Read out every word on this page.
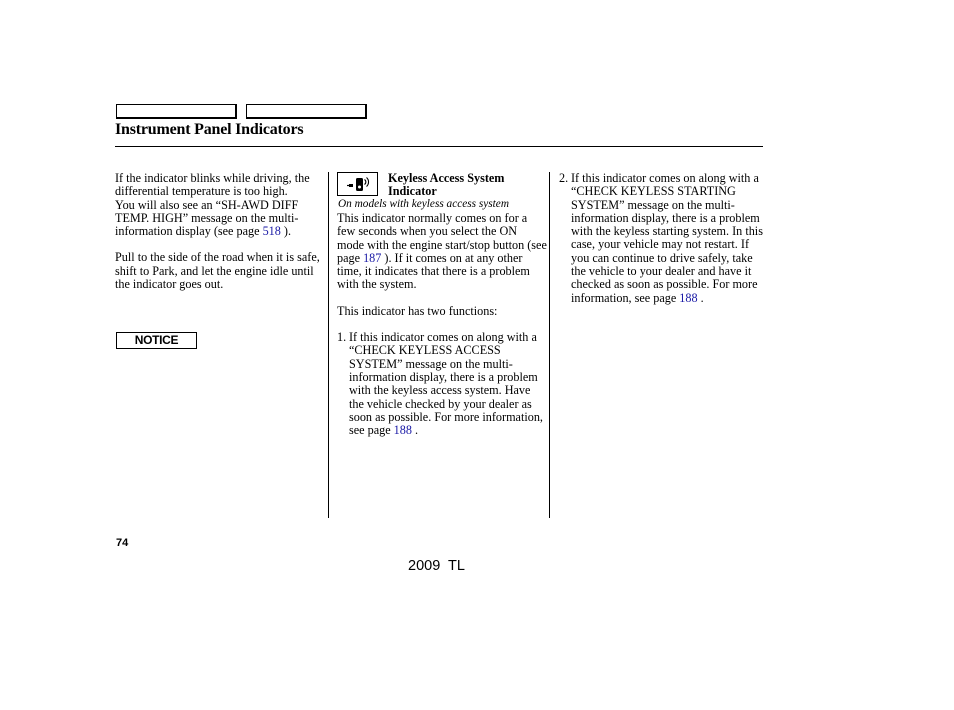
Instrument Panel Indicators

If the indicator blinks while driving, the differential temperature is too high.

You will also see an “SH-AWD DIFF TEMP. HIGH” message on the multi-information display (see page 518 ).

Pull to the side of the road when it is safe, shift to Park, and let the engine idle until the indicator goes out.

NOTICE
Keyless Access System Indicator
On models with keyless access system

This indicator normally comes on for a few seconds when you select the ON mode with the engine start/stop button (see page 187 ). If it comes on at any other time, it indicates that there is a problem with the system.

This indicator has two functions:

1. If this indicator comes on along with a “CHECK KEYLESS ACCESS SYSTEM” message on the multi-information display, there is a problem with the keyless access system. Have the vehicle checked by your dealer as soon as possible. For more information, see page 188 .
2. If this indicator comes on along with a “CHECK KEYLESS STARTING SYSTEM” message on the multi-information display, there is a problem with the keyless starting system. In this case, your vehicle may not restart. If you can continue to drive safely, take the vehicle to your dealer and have it checked as soon as possible. For more information, see page 188 .
74
2009 TL
